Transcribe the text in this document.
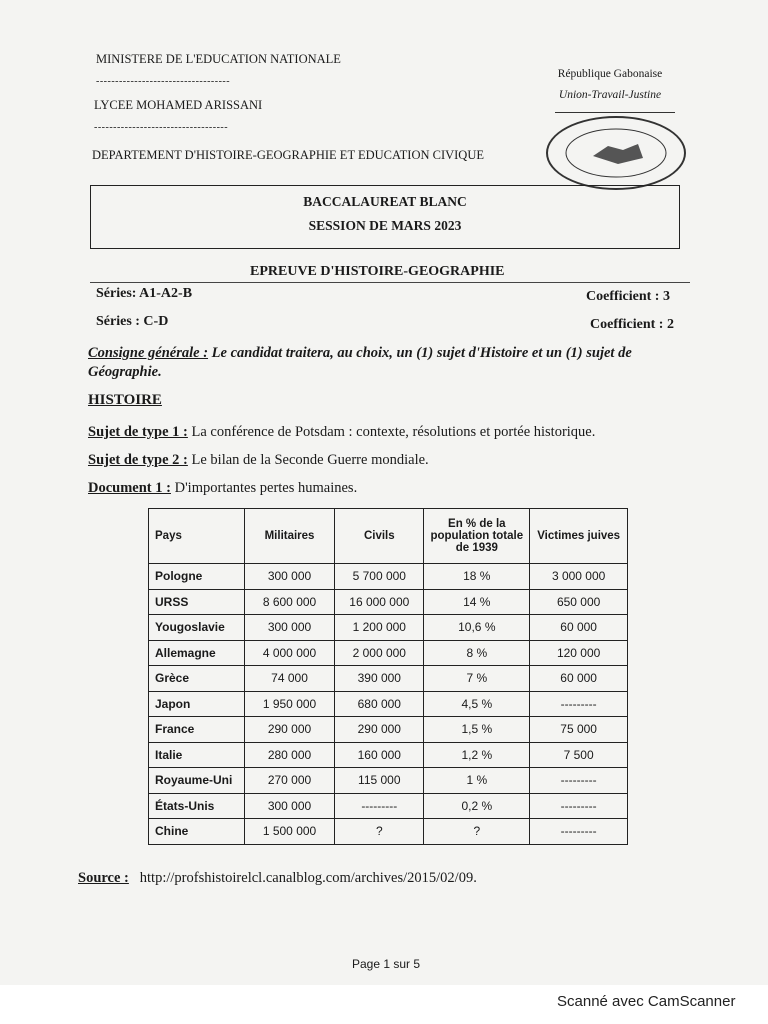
MINISTERE DE L'EDUCATION NATIONALE
-----------------------------------
LYCEE MOHAMED ARISSANI
-----------------------------------
DEPARTEMENT D'HISTOIRE-GEOGRAPHIE ET EDUCATION CIVIQUE
République Gabonaise
Union-Travail-Justine
BACCALAUREAT BLANC
SESSION DE MARS 2023
EPREUVE D'HISTOIRE-GEOGRAPHIE
Séries: A1-A2-B	Coefficient : 3
Séries : C-D	Coefficient : 2
Consigne générale : Le candidat traitera, au choix, un (1) sujet d'Histoire et un (1) sujet de
Géographie.
HISTOIRE
Sujet de type 1 : La conférence de Potsdam : contexte, résolutions et portée historique.
Sujet de type 2 : Le bilan de la Seconde Guerre mondiale.
Document 1 : D'importantes pertes humaines.
Pays	Militaires	Civils	En % de la population totale de 1939	Victimes juives
Pologne	300 000	5 700 000	18 %	3 000 000
URSS	8 600 000	16 000 000	14 %	650 000
Yougoslavie	300 000	1 200 000	10,6 %	60 000
Allemagne	4 000 000	2 000 000	8 %	120 000
Grèce	74 000	390 000	7 %	60 000
Japon	1 950 000	680 000	4,5 %	---------
France	290 000	290 000	1,5 %	75 000
Italie	280 000	160 000	1,2 %	7 500
Royaume-Uni	270 000	115 000	1 %	---------
États-Unis	300 000	---------	0,2 %	---------
Chine	1 500 000	?	?	---------
Source : http://profshistoirelcl.canalblog.com/archives/2015/02/09.
Page 1 sur 5
Scanné avec CamScanner
